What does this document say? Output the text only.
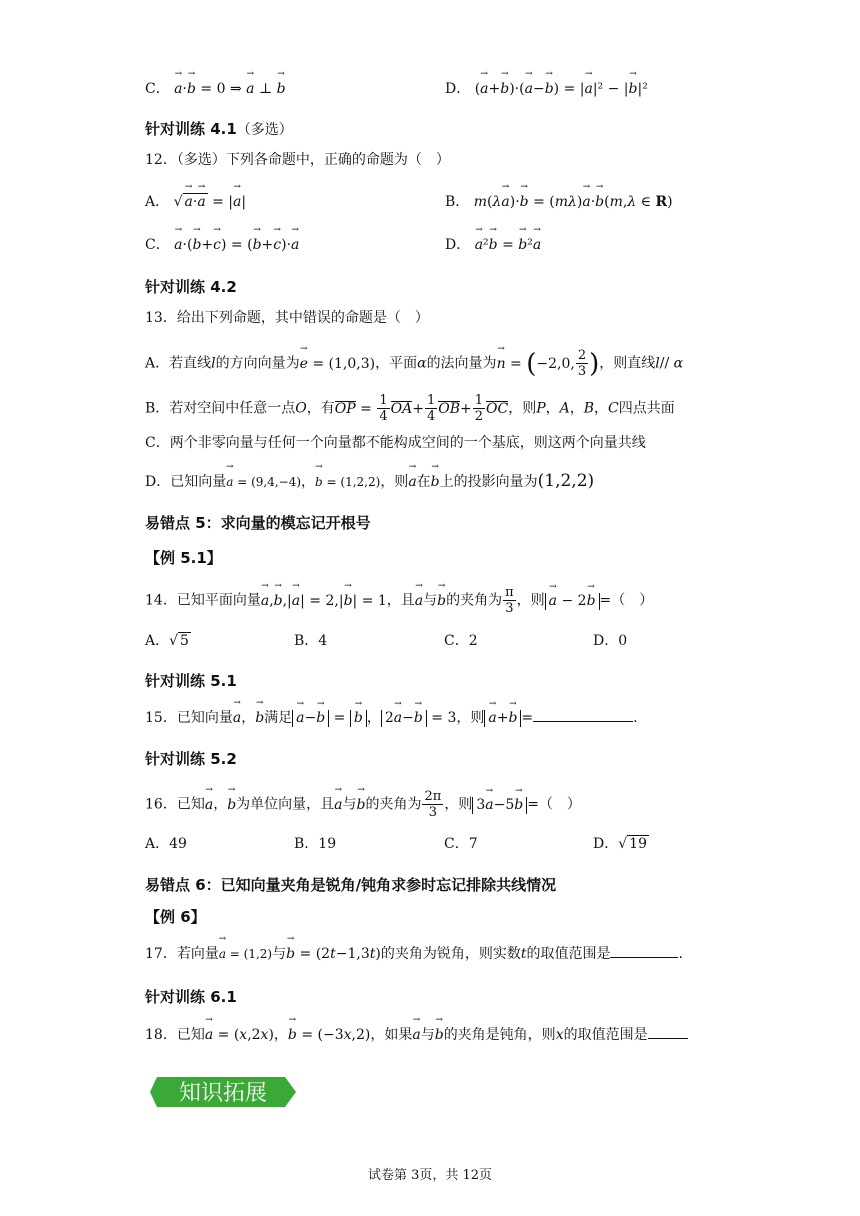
C． → a·→ b = 0 ⇒ → a ⊥ → b	D． (→ a+→ b)·(→ a−→ b) = |→ a|² − |→ b|²
针对训练 4.1（多选）
12．（多选）下列各命题中，正确的命题为（　）
A． √ → a·→ a = |→ a|	B． m(λ→ a)·→ b = (mλ)→ a·→ b(m,λ ∈ R)
C． → a·(→ b+→ c) = (→ b+→ c)·→ a	D． → a²→ b = → b²→ a
针对训练 4.2
13．给出下列命题，其中错误的命题是（　）
A．若直线l的方向向量为→ e = (1,0,3)，平面α的法向量为→ n = (−2,0, $\frac{2}{3}$ )，则直线l// α
B．若对空间中任意一点O，有OP = $\frac{1}{4} OA+ \frac{1}{4} OB+ \frac{1}{2}$ OC，则P，A，B，C四点共面
C．两个非零向量与任何一个向量都不能构成空间的一个基底，则这两个向量共线
D．已知向量→ a = (9,4,−4)，→ b = (1,2,2)，则→ a在→ b上的投影向量为(1,2,2)
易错点 5：求向量的模忘记开根号
【例 5.1】
14．已知平面向量→ a,→ b,|→ a| = 2,|→ b| = 1，且→ a与→ b的夹角为 $\frac{\pi}{3}$ ，则 → a − 2→ b =（　）
A．√ 5	B．4	C．2	D．0
针对训练 5.1
15．已知向量→ a，→ b满足 → a−→ b = → b ， 2→ a−→ b = 3，则 → a+→ b =	.
针对训练 5.2
16．已知→ a，→ b为单位向量，且→ a与→ b的夹角为 $\frac{2\pi}{3}$ ，则 3→ a−5→ b =（　）
A．49	B．19	C．7	D．√ 19
易错点 6：已知向量夹角是锐角/钝角求参时忘记排除共线情况
【例 6】
17．若向量→ a = (1,2)与→ b = (2t−1,3t)的夹角为锐角，则实数t的取值范围是	.
针对训练 6.1
18．已知→ a = (x,2x)，→ b = (−3x,2)，如果→ a与→ b的夹角是钝角，则x的取值范围是
知识拓展
试卷第 3页，共 12页
